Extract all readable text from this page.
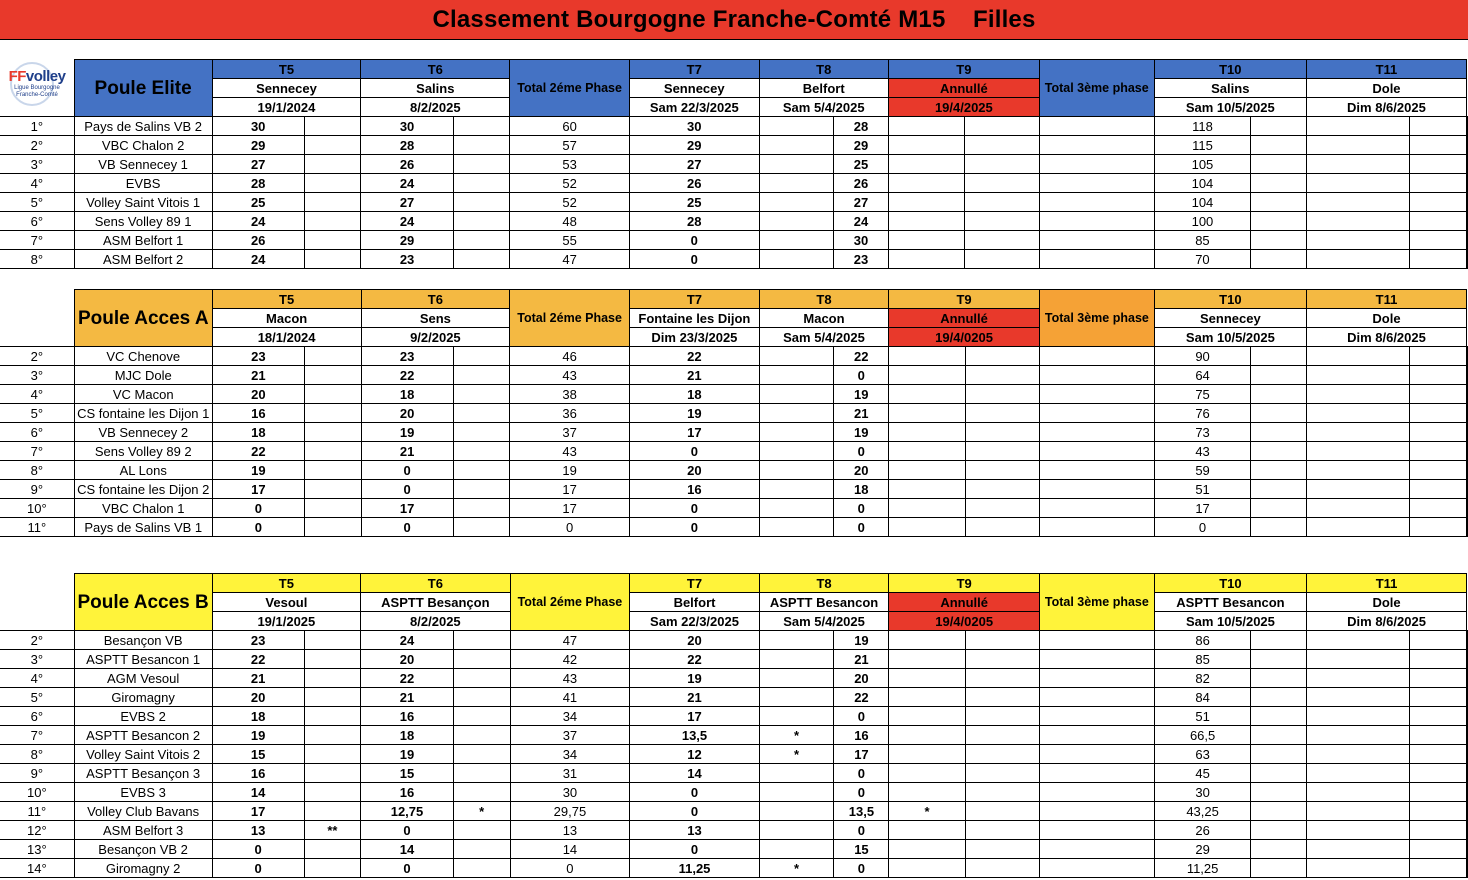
Classement Bourgogne Franche-Comté M15    Filles
FFvolley
Ligue Bourgogne
Franche-Comté
	Poule Elite	T5		T6		Total 2éme Phase	T7	T8		T9		Total 3ème phase	T10		T11		
		Sennecey		Salins			Sennecey	Belfort		Annullé			Salins		Dole		
		19/1/2024		8/2/2025			Sam 22/3/2025	Sam 5/4/2025		19/4/2025			Sam 10/5/2025		Dim 8/6/2025		
1°	Pays de Salins VB 2	30		30		60	30		28				118				
2°	VBC Chalon 2	29		28		57	29		29				115				
3°	VB Sennecey 1	27		26		53	27		25				105				
4°	EVBS	28		24		52	26		26				104				
5°	Volley Saint Vitois 1	25		27		52	25		27				104				
6°	Sens Volley 89 1	24		24		48	28		24				100				
7°	ASM Belfort 1	26		29		55	0		30				85				
8°	ASM Belfort 2	24		23		47	0		23				70				
	Poule Acces A	T5		T6		Total 2éme Phase	T7	T8		T9		Total 3ème phase	T10		T11		
		Macon		Sens			Fontaine les Dijon	Macon		Annullé			Sennecey		Dole		
		18/1/2024		9/2/2025			Dim 23/3/2025	Sam 5/4/2025		19/4/0205			Sam 10/5/2025		Dim 8/6/2025		
2°	VC Chenove	23		23		46	22		22				90				
3°	MJC Dole	21		22		43	21		0				64				
4°	VC Macon	20		18		38	18		19				75				
5°	CS fontaine les Dijon 1	16		20		36	19		21				76				
6°	VB Sennecey 2	18		19		37	17		19				73				
7°	Sens Volley 89 2	22		21		43	0		0				43				
8°	AL Lons	19		0		19	20		20				59				
9°	CS fontaine les Dijon 2	17		0		17	16		18				51				
10°	VBC Chalon 1	0		17		17	0		0				17				
11°	Pays de Salins VB 1	0		0		0	0		0				0				
	Poule Acces B	T5		T6		Total 2éme Phase	T7	T8		T9		Total 3ème phase	T10		T11		
		Vesoul		ASPTT Besançon			Belfort	ASPTT Besancon		Annullé			ASPTT Besancon		Dole		
		19/1/2025		8/2/2025			Sam 22/3/2025	Sam 5/4/2025		19/4/0205			Sam 10/5/2025		Dim 8/6/2025		
2°	Besançon VB	23		24		47	20		19				86				
3°	ASPTT Besancon 1	22		20		42	22		21				85				
4°	AGM Vesoul	21		22		43	19		20				82				
5°	Giromagny	20		21		41	21		22				84				
6°	EVBS 2	18		16		34	17		0				51				
7°	ASPTT Besancon 2	19		18		37	13,5	*	16				66,5				
8°	Volley Saint Vitois 2	15		19		34	12	*	17				63				
9°	ASPTT Besançon 3	16		15		31	14		0				45				
10°	EVBS 3	14		16		30	0		0				30				
11°	Volley Club Bavans	17		12,75	*	29,75	0		13,5	*			43,25				
12°	ASM Belfort 3	13	**	0		13	13		0				26				
13°	Besançon VB 2	0		14		14	0		15				29				
14°	Giromagny 2	0		0		0	11,25	*	0				11,25				
